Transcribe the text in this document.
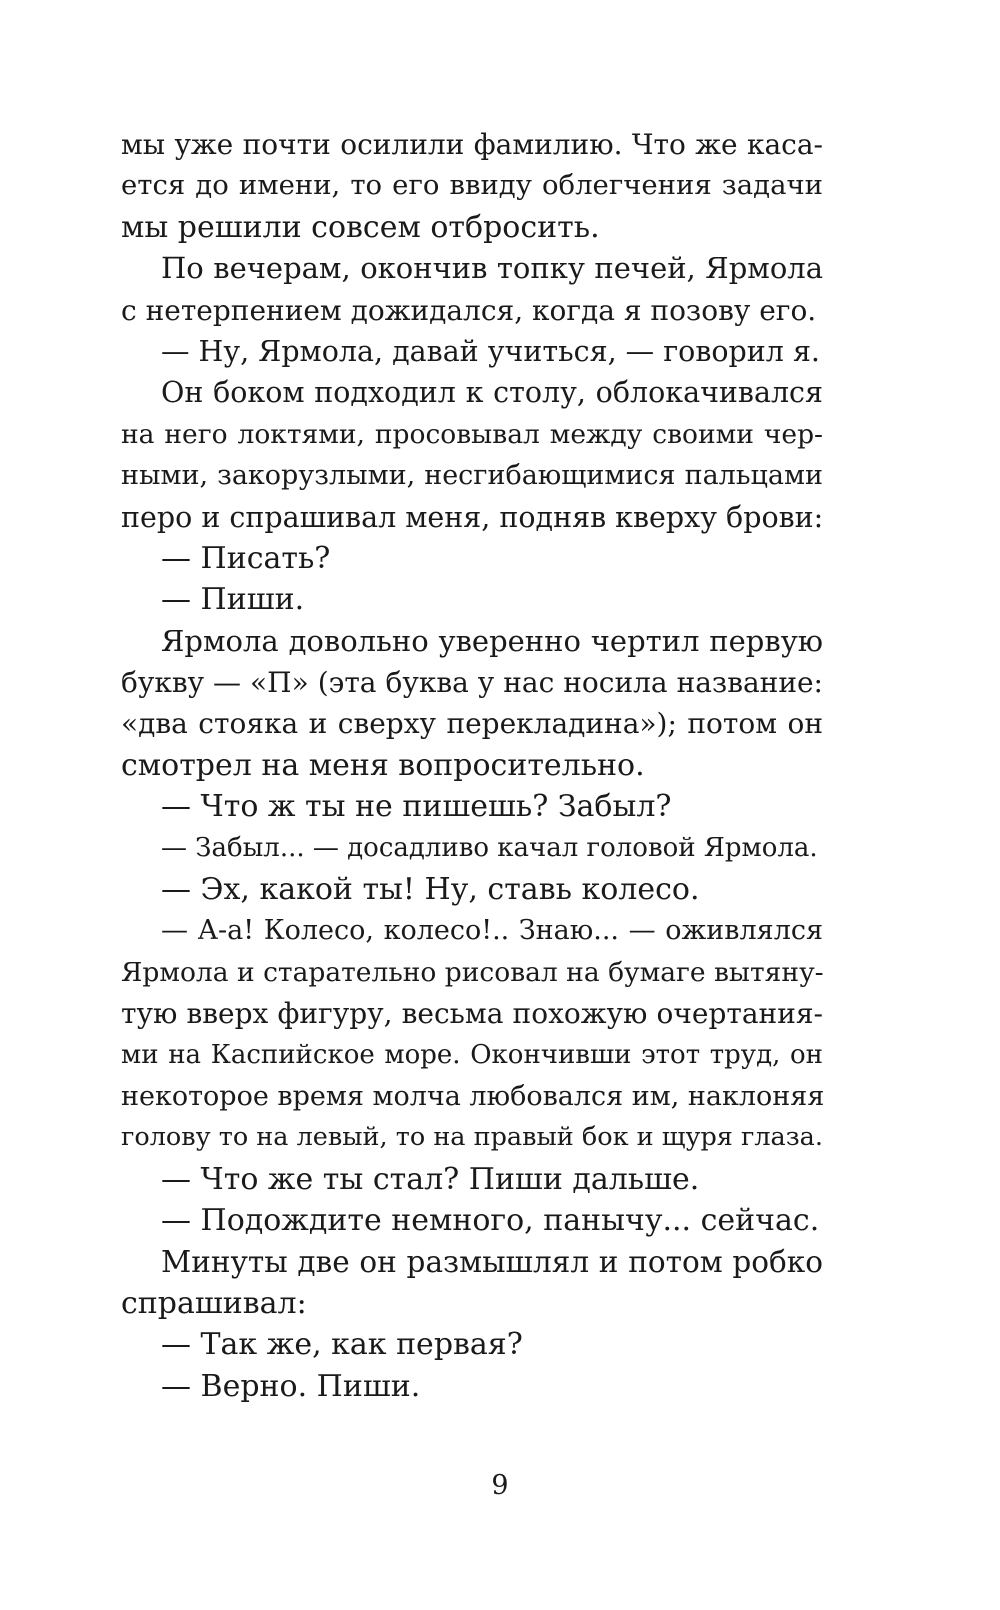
мы уже почти осилили фамилию. Что же каса-
ется до имени, то его ввиду облегчения задачи
мы решили совсем отбросить.
По вечерам, окончив топку печей, Ярмола
с нетерпением дожидался, когда я позову его.
— Ну, Ярмола, давай учиться, — говорил я.
Он боком подходил к столу, облокачивался
на него локтями, просовывал между своими чер-
ными, закорузлыми, несгибающимися пальцами
перо и спрашивал меня, подняв кверху брови:
— Писать?
— Пиши.
Ярмола довольно уверенно чертил первую
букву — «П» (эта буква у нас носила название:
«два стояка и сверху перекладина»); потом он
смотрел на меня вопросительно.
— Что ж ты не пишешь? Забыл?
— Забыл... — досадливо качал головой Ярмола.
— Эх, какой ты! Ну, ставь колесо.
— А-а! Колесо, колесо!.. Знаю... — оживлялся
Ярмола и старательно рисовал на бумаге вытяну-
тую вверх фигуру, весьма похожую очертания-
ми на Каспийское море. Окончивши этот труд, он
некоторое время молча любовался им, наклоняя
голову то на левый, то на правый бок и щуря глаза.
— Что же ты стал? Пиши дальше.
— Подождите немного, панычу... сейчас.
Минуты две он размышлял и потом робко
спрашивал:
— Так же, как первая?
— Верно. Пиши.
9
